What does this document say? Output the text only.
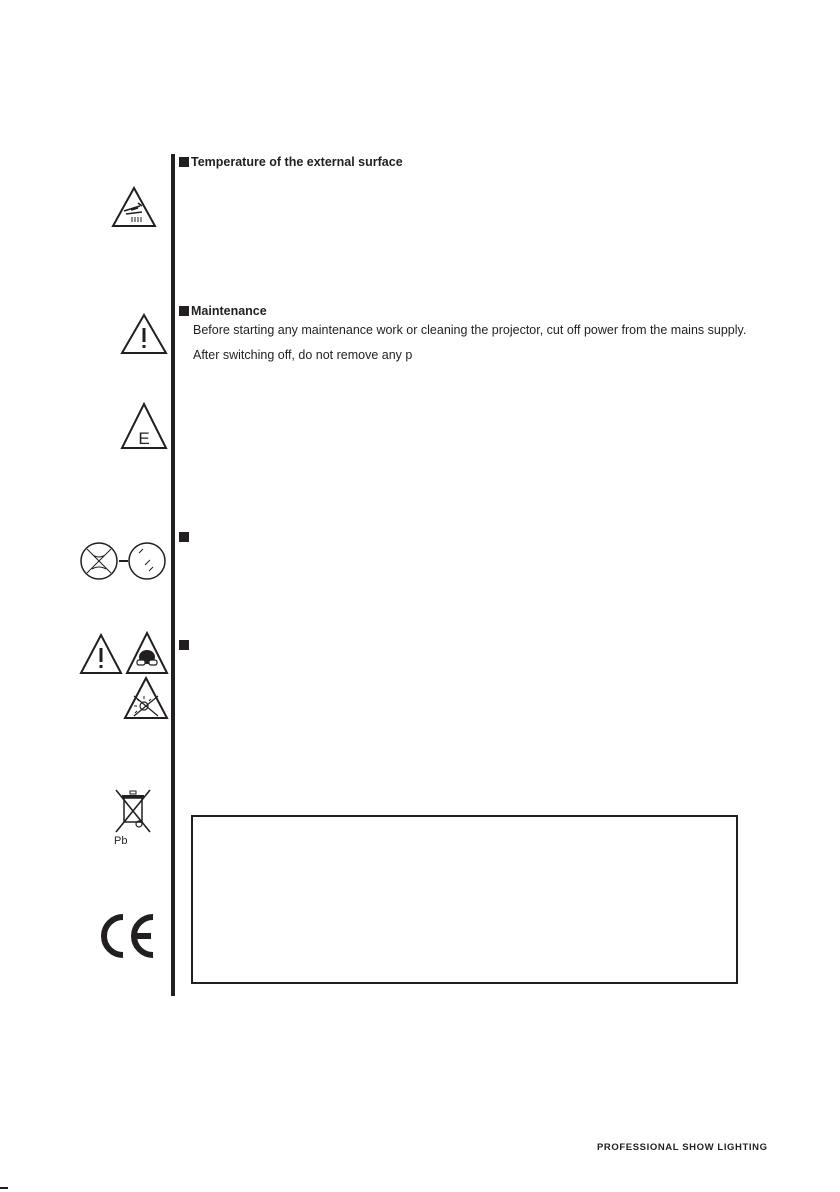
Temperature of the external surface
Maintenance
Before starting any maintenance work or cleaning the projector, cut off power from the mains supply.
After switching off, do not remove any p
E
Pb
PROFESSIONAL SHOW LIGHTING
